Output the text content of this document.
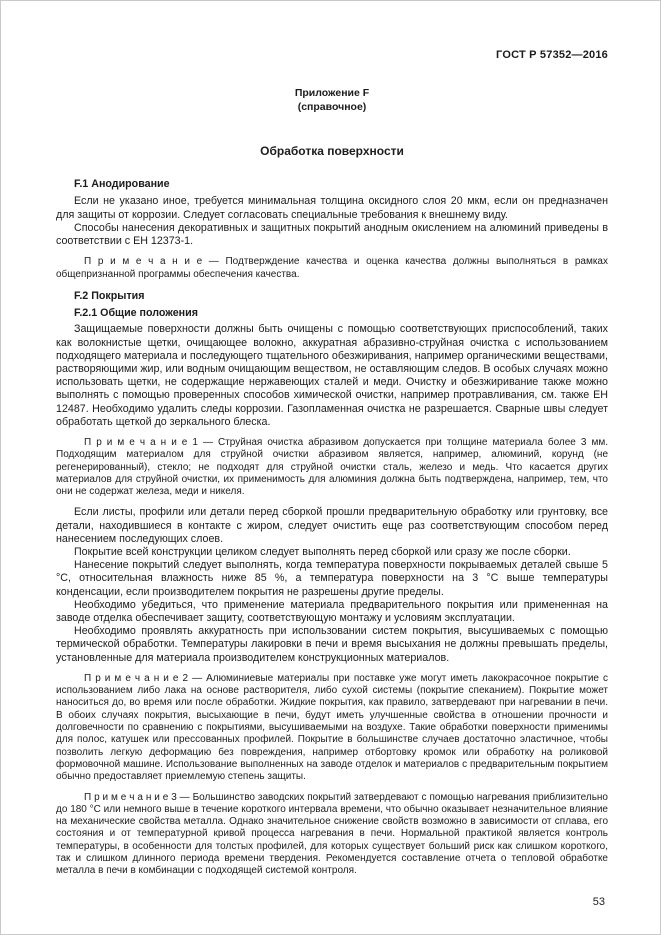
ГОСТ Р 57352—2016
Приложение F
(справочное)
Обработка поверхности

F.1 Анодирование

Если не указано иное, требуется минимальная толщина оксидного слоя 20 мкм, если он предназначен для защиты от коррозии. Следует согласовать специальные требования к внешнему виду.

Способы нанесения декоративных и защитных покрытий анодным окислением на алюминий приведены в соответствии с ЕН 12373-1.

П р и м е ч а н и е — Подтверждение качества и оценка качества должны выполняться в рамках общепризнанной программы обеспечения качества.

F.2 Покрытия

F.2.1 Общие положения

Защищаемые поверхности должны быть очищены с помощью соответствующих приспособлений, таких как волокнистые щетки, очищающее волокно, аккуратная абразивно-струйная очистка с использованием подходящего материала и последующего тщательного обезжиривания, например органическими веществами, растворяющими жир, или водным очищающим веществом, не оставляющим следов. В особых случаях можно использовать щетки, не содержащие нержавеющих сталей и меди. Очистку и обезжиривание также можно выполнять с помощью проверенных способов химической очистки, например протравливания, см. также ЕН 12487. Необходимо удалить следы коррозии. Газопламенная очистка не разрешается. Сварные швы следует обработать щеткой до зеркального блеска.

П р и м е ч а н и е 1 — Струйная очистка абразивом допускается при толщине материала более 3 мм. Подходящим материалом для струйной очистки абразивом является, например, алюминий, корунд (не регенерированный), стекло; не подходят для струйной очистки сталь, железо и медь. Что касается других материалов для струйной очистки, их применимость для алюминия должна быть подтверждена, например, тем, что они не содержат железа, меди и никеля.

Если листы, профили или детали перед сборкой прошли предварительную обработку или грунтовку, все детали, находившиеся в контакте с жиром, следует очистить еще раз соответствующим способом перед нанесением последующих слоев.

Покрытие всей конструкции целиком следует выполнять перед сборкой или сразу же после сборки.

Нанесение покрытий следует выполнять, когда температура поверхности покрываемых деталей свыше 5 °С, относительная влажность ниже 85 %, а температура поверхности на 3 °С выше температуры конденсации, если производителем покрытия не разрешены другие пределы.

Необходимо убедиться, что применение материала предварительного покрытия или примененная на заводе отделка обеспечивает защиту, соответствующую монтажу и условиям эксплуатации.

Необходимо проявлять аккуратность при использовании систем покрытия, высушиваемых с помощью термической обработки. Температуры лакировки в печи и время высыхания не должны превышать пределы, установленные для материала производителем конструкционных материалов.

П р и м е ч а н и е 2 — Алюминиевые материалы при поставке уже могут иметь лакокрасочное покрытие с использованием либо лака на основе растворителя, либо сухой системы (покрытие спеканием). Покрытие может наноситься до, во время или после обработки. Жидкие покрытия, как правило, затвердевают при нагревании в печи. В обоих случаях покрытия, высыхающие в печи, будут иметь улучшенные свойства в отношении прочности и долговечности по сравнению с покрытиями, высушиваемыми на воздухе. Такие обработки поверхности применимы для полос, катушек или прессованных профилей. Покрытие в большинстве случаев достаточно эластичное, чтобы позволить легкую деформацию без повреждения, например отбортовку кромок или обработку на роликовой формовочной машине. Использование выполненных на заводе отделок и материалов с предварительным покрытием обычно предоставляет приемлемую степень защиты.

П р и м е ч а н и е 3 — Большинство заводских покрытий затвердевают с помощью нагревания приблизительно до 180 °С или немного выше в течение короткого интервала времени, что обычно оказывает незначительное влияние на механические свойства металла. Однако значительное снижение свойств возможно в зависимости от сплава, его состояния и от температурной кривой процесса нагревания в печи. Нормальной практикой является контроль температуры, в особенности для толстых профилей, для которых существует больший риск как слишком короткого, так и слишком длинного периода времени твердения. Рекомендуется составление отчета о тепловой обработке металла в печи в комбинации с подходящей системой контроля.

53
